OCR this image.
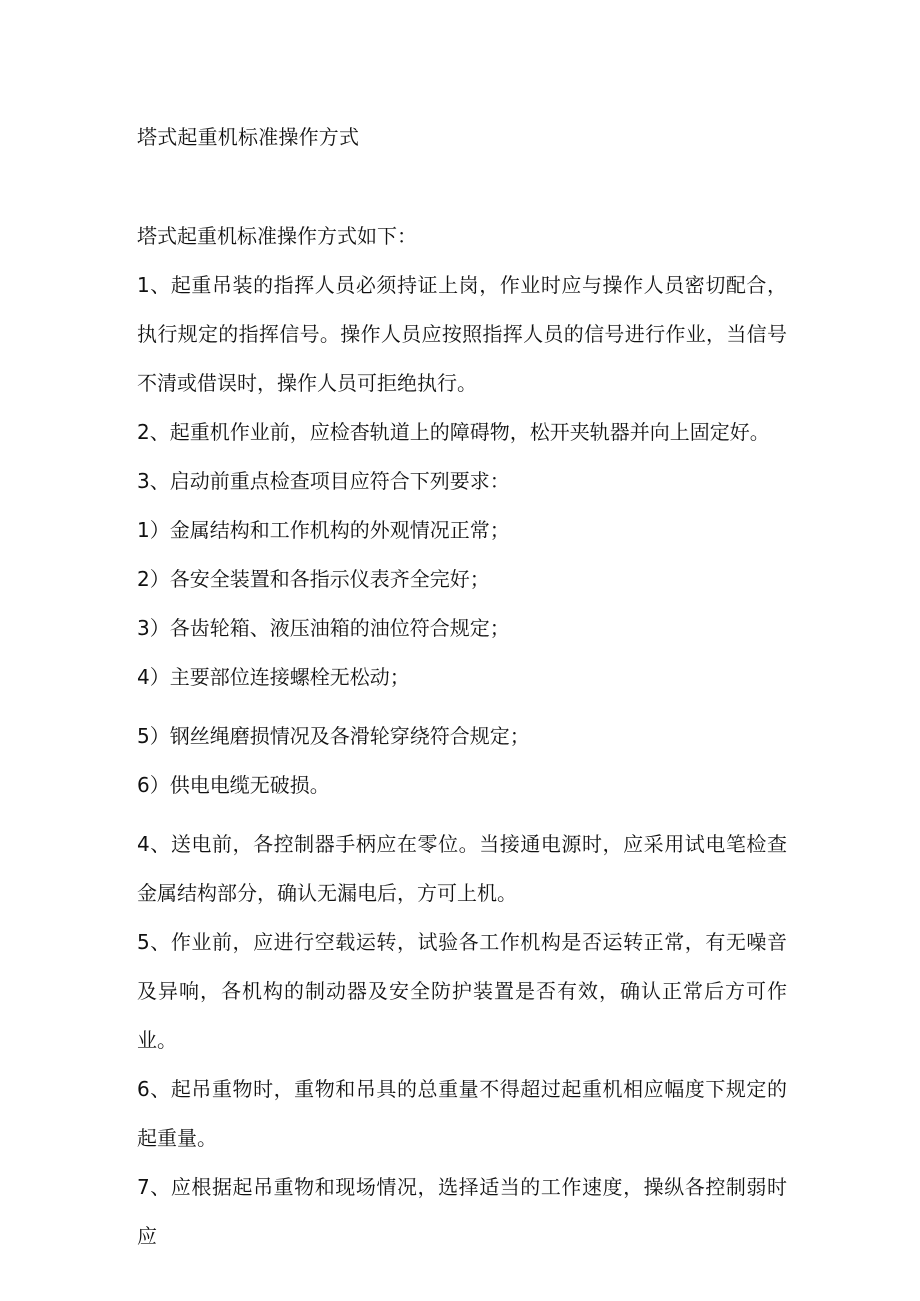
塔式起重机标准操作方式

塔式起重机标准操作方式如下：

1、起重吊装的指挥人员必须持证上岗，作业时应与操作人员密切配合，执行规定的指挥信号。操作人员应按照指挥人员的信号进行作业，当信号不清或借误时，操作人员可拒绝执行。

2、起重机作业前，应检杳轨道上的障碍物，松开夹轨器并向上固定好。

3、启动前重点检查项目应符合下列要求：

1）金属结构和工作机构的外观情况正常；

2）各安全装置和各指示仪表齐全完好；

3）各齿轮箱、液压油箱的油位符合规定；

4）主要部位连接螺栓无松动；

5）钢丝绳磨损情况及各滑轮穿绕符合规定；

6）供电电缆无破损。

4、送电前，各控制器手柄应在零位。当接通电源时，应采用试电笔检查金属结构部分，确认无漏电后，方可上机。

5、作业前，应进行空载运转，试验各工作机构是否运转正常，有无噪音及异响，各机构的制动器及安全防护装置是否有效，确认正常后方可作业。

6、起吊重物时，重物和吊具的总重量不得超过起重机相应幅度下规定的起重量。

7、应根据起吊重物和现场情况，选择适当的工作速度，操纵各控制弱时应
